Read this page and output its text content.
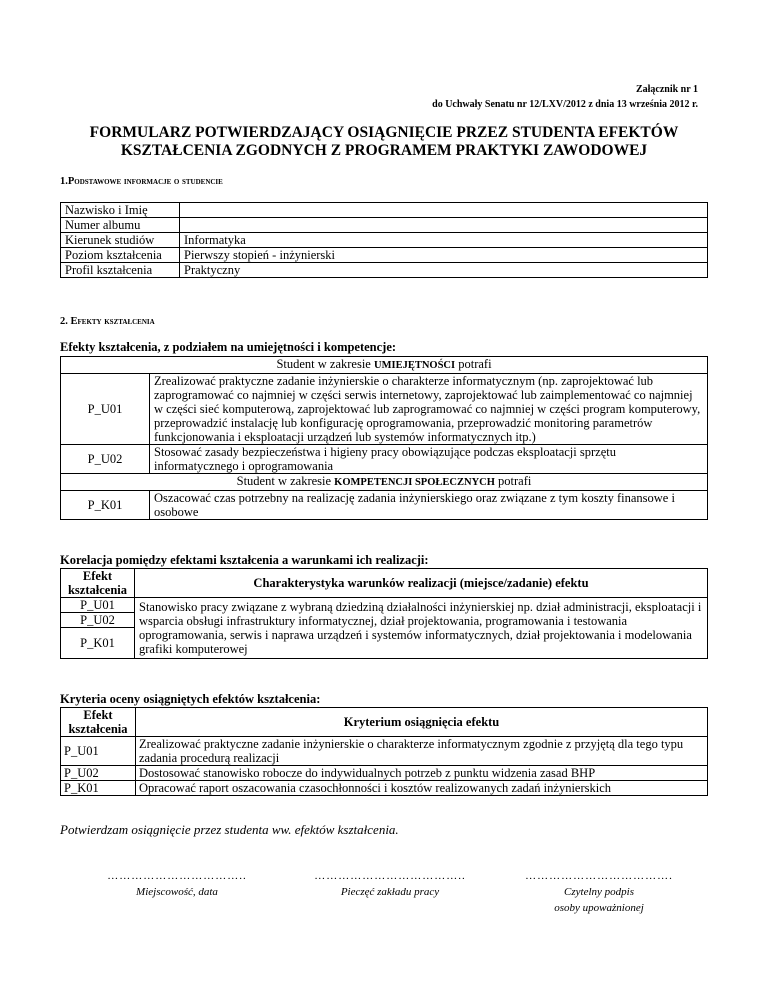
Załącznik nr 1
do Uchwały Senatu nr 12/LXV/2012 z dnia 13 września 2012 r.
FORMULARZ POTWIERDZAJĄCY OSIĄGNIĘCIE PRZEZ STUDENTA EFEKTÓW
KSZTAŁCENIA ZGODNYCH Z PROGRAMEM PRAKTYKI ZAWODOWEJ
1.Podstawowe informacje o studencie
Nazwisko i Imię	
Numer albumu	
Kierunek studiów	Informatyka
Poziom kształcenia	Pierwszy stopień - inżynierski
Profil kształcenia	Praktyczny
2. Efekty kształcenia
Efekty kształcenia, z podziałem na umiejętności i kompetencje:
Student w zakresie UMIEJĘTNOŚCI potrafi	
P_U01	Zrealizować praktyczne zadanie inżynierskie o charakterze informatycznym (np. zaprojektować lub zaprogramować co najmniej w części serwis internetowy, zaprojektować lub zaimplementować co najmniej w części sieć komputerową, zaprojektować lub zaprogramować co najmniej w części program komputerowy, przeprowadzić instalację lub konfigurację oprogramowania, przeprowadzić monitoring parametrów funkcjonowania i eksploatacji urządzeń lub systemów informatycznych itp.)
P_U02	Stosować zasady bezpieczeństwa i higieny pracy obowiązujące podczas eksploatacji sprzętu informatycznego i oprogramowania
Student w zakresie KOMPETENCJI SPOŁECZNYCH potrafi	
P_K01	Oszacować czas potrzebny na realizację zadania inżynierskiego oraz związane z tym koszty finansowe i osobowe
Korelacja pomiędzy efektami kształcenia a warunkami ich realizacji:
Efekt kształcenia	Charakterystyka warunków realizacji (miejsce/zadanie) efektu
P_U01	Stanowisko pracy związane z wybraną dziedziną działalności inżynierskiej np. dział administracji, eksploatacji i wsparcia obsługi infrastruktury informatycznej, dział projektowania, programowania i testowania oprogramowania, serwis i naprawa urządzeń i systemów informatycznych, dział projektowania i modelowania grafiki komputerowej
P_U02	
P_K01	
Kryteria oceny osiągniętych efektów kształcenia:
Efekt kształcenia	Kryterium osiągnięcia efektu
P_U01	Zrealizować praktyczne zadanie inżynierskie o charakterze informatycznym zgodnie z przyjętą dla tego typu zadania procedurą realizacji
P_U02	Dostosować stanowisko robocze do indywidualnych potrzeb z punktu widzenia zasad BHP
P_K01	Opracować raport oszacowania czasochłonności i kosztów realizowanych zadań inżynierskich
Potwierdzam osiągnięcie przez studenta ww. efektów kształcenia.
……………………………..
Miejscowość, data
………………………………..
Pieczęć zakładu pracy
……………………………….
Czytelny podpis
osoby upoważnionej
